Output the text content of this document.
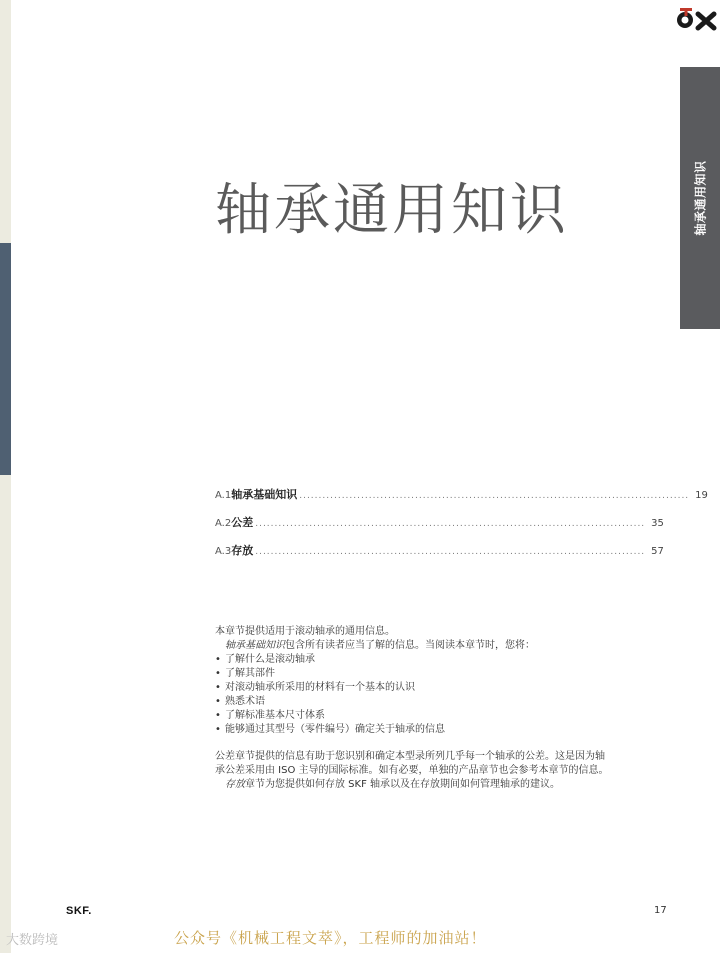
轴承通用知识
轴承通用知识
A.1 轴承基础知识 ..................................................................................................... 19
A.2 公差 ..................................................................................................... 35
A.3 存放 ..................................................................................................... 57

本章节提供适用于滚动轴承的通用信息。

轴承基础知识包含所有读者应当了解的信息。当阅读本章节时，您将：

• 了解什么是滚动轴承
• 了解其部件
• 对滚动轴承所采用的材料有一个基本的认识
• 熟悉术语
• 了解标准基本尺寸体系
• 能够通过其型号（零件编号）确定关于轴承的信息

公差章节提供的信息有助于您识别和确定本型录所列几乎每一个轴承的公差。这是因为轴承公差采用由 ISO 主导的国际标准。如有必要，单独的产品章节也会参考本章节的信息。

存放章节为您提供如何存放 SKF 轴承以及在存放期间如何管理轴承的建议。

SKF.	17
大数跨境	公众号《机械工程文萃》，工程师的加油站！
